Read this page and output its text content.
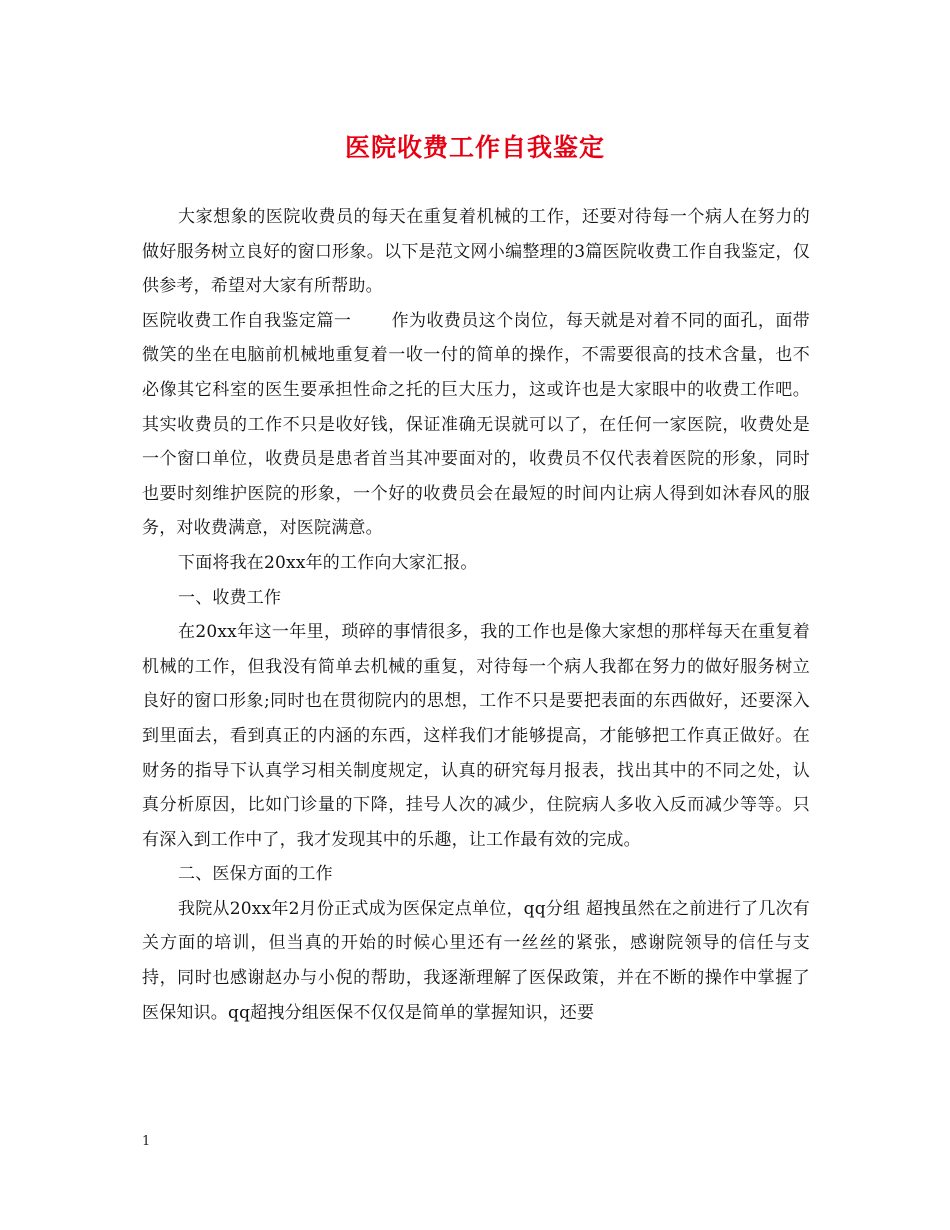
医院收费工作自我鉴定

大家想象的医院收费员的每天在重复着机械的工作，还要对待每一个病人在努力的做好服务树立良好的窗口形象。以下是范文网小编整理的3篇医院收费工作自我鉴定，仅供参考，希望对大家有所帮助。

医院收费工作自我鉴定篇一 作为收费员这个岗位，每天就是对着不同的面孔，面带微笑的坐在电脑前机械地重复着一收一付的简单的操作，不需要很高的技术含量，也不必像其它科室的医生要承担性命之托的巨大压力，这或许也是大家眼中的收费工作吧。其实收费员的工作不只是收好钱，保证准确无误就可以了，在任何一家医院，收费处是一个窗口单位，收费员是患者首当其冲要面对的，收费员不仅代表着医院的形象，同时也要时刻维护医院的形象，一个好的收费员会在最短的时间内让病人得到如沐春风的服务，对收费满意，对医院满意。

下面将我在20xx年的工作向大家汇报。

一、收费工作

在20xx年这一年里，琐碎的事情很多，我的工作也是像大家想的那样每天在重复着机械的工作，但我没有简单去机械的重复，对待每一个病人我都在努力的做好服务树立良好的窗口形象;同时也在贯彻院内的思想，工作不只是要把表面的东西做好，还要深入到里面去，看到真正的内涵的东西，这样我们才能够提高，才能够把工作真正做好。在财务的指导下认真学习相关制度规定，认真的研究每月报表，找出其中的不同之处，认真分析原因，比如门诊量的下降，挂号人次的减少，住院病人多收入反而减少等等。只有深入到工作中了，我才发现其中的乐趣，让工作最有效的完成。

二、医保方面的工作

我院从20xx年2月份正式成为医保定点单位，qq分组 超拽虽然在之前进行了几次有关方面的培训，但当真的开始的时候心里还有一丝丝的紧张，感谢院领导的信任与支持，同时也感谢赵办与小倪的帮助，我逐渐理解了医保政策，并在不断的操作中掌握了医保知识。qq超拽分组医保不仅仅是简单的掌握知识，还要

1
